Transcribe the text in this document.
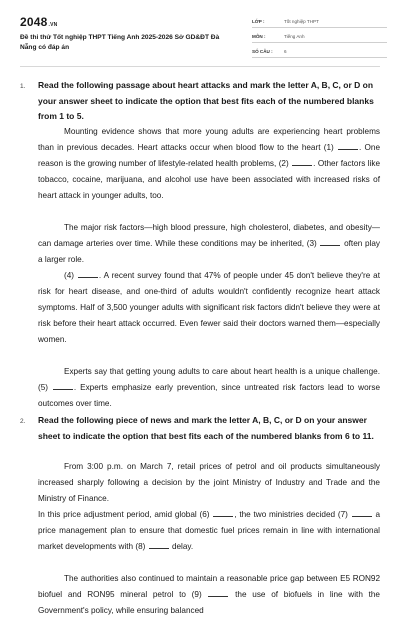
2048.VN
Đề thi thử Tốt nghiệp THPT Tiếng Anh 2025-2026 Sở GD&ĐT Đà Nẵng có đáp án
LỚP :	Tốt nghiệp THPT
MÔN :	Tiếng Anh
SỐ CÂU :	6
1. Read the following passage about heart attacks and mark the letter A, B, C, or D on your answer sheet to indicate the option that best fits each of the numbered blanks from 1 to 5.

Mounting evidence shows that more young adults are experiencing heart problems than in previous decades. Heart attacks occur when blood flow to the heart (1)	. One reason is the growing number of lifestyle-related health problems, (2)	. Other factors like tobacco, cocaine, marijuana, and alcohol use have been associated with increased risks of heart attack in younger adults, too.

The major risk factors—high blood pressure, high cholesterol, diabetes, and obesity—can damage arteries over time. While these conditions may be inherited, (3)	often play a larger role.

(4)	. A recent survey found that 47% of people under 45 don't believe they're at risk for heart disease, and one-third of adults wouldn't confidently recognize heart attack symptoms. Half of 3,500 younger adults with significant risk factors didn't believe they were at risk before their heart attack occurred. Even fewer said their doctors warned them—especially women.

Experts say that getting young adults to care about heart health is a unique challenge. (5)	. Experts emphasize early prevention, since untreated risk factors lead to worse outcomes over time.

2. Read the following piece of news and mark the letter A, B, C, or D on your answer sheet to indicate the option that best fits each of the numbered blanks from 6 to 11.

From 3:00 p.m. on March 7, retail prices of petrol and oil products simultaneously increased sharply following a decision by the joint Ministry of Industry and Trade and the Ministry of Finance.

In this price adjustment period, amid global (6)	, the two ministries decided (7)	a price management plan to ensure that domestic fuel prices remain in line with international market developments with (8)	delay.

The authorities also continued to maintain a reasonable price gap between E5 RON92 biofuel and RON95 mineral petrol to (9)	the use of biofuels in line with the Government's policy, while ensuring balanced
